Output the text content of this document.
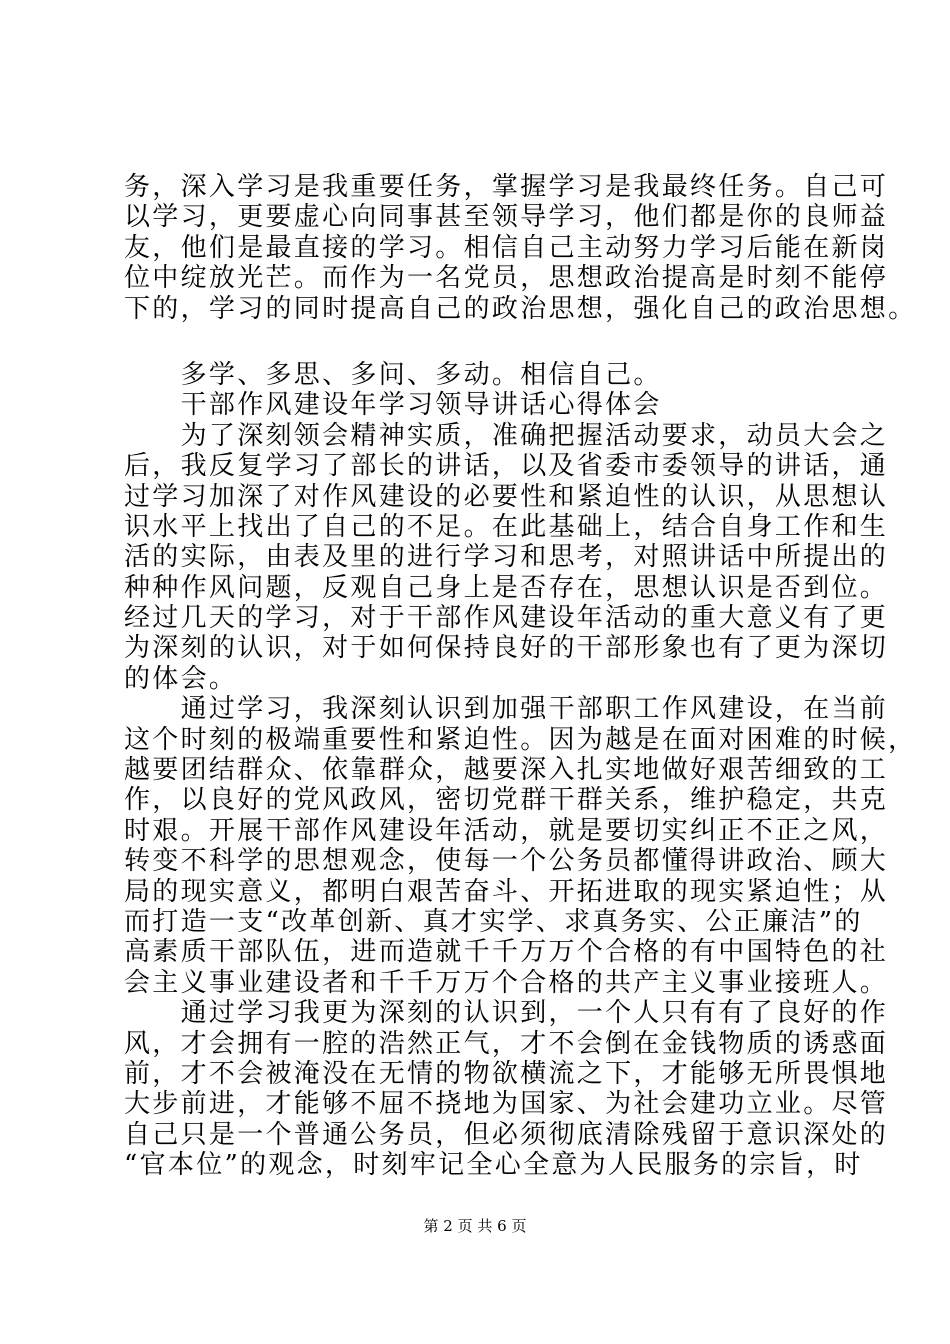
务，深入学习是我重要任务，掌握学习是我最终任务。自己可
以学习，更要虚心向同事甚至领导学习，他们都是你的良师益
友，他们是最直接的学习。相信自己主动努力学习后能在新岗
位中绽放光芒。而作为一名党员，思想政治提高是时刻不能停
下的，学习的同时提高自己的政治思想，强化自己的政治思想。
　　多学、多思、多问、多动。相信自己。
　　干部作风建设年学习领导讲话心得体会
　　为了深刻领会精神实质，准确把握活动要求，动员大会之
后，我反复学习了部长的讲话，以及省委市委领导的讲话，通
过学习加深了对作风建设的必要性和紧迫性的认识，从思想认
识水平上找出了自己的不足。在此基础上，结合自身工作和生
活的实际，由表及里的进行学习和思考，对照讲话中所提出的
种种作风问题，反观自己身上是否存在，思想认识是否到位。
经过几天的学习，对于干部作风建设年活动的重大意义有了更
为深刻的认识，对于如何保持良好的干部形象也有了更为深切
的体会。
　　通过学习，我深刻认识到加强干部职工作风建设，在当前
这个时刻的极端重要性和紧迫性。因为越是在面对困难的时候，
越要团结群众、依靠群众，越要深入扎实地做好艰苦细致的工
作，以良好的党风政风，密切党群干群关系，维护稳定，共克
时艰。开展干部作风建设年活动，就是要切实纠正不正之风，
转变不科学的思想观念，使每一个公务员都懂得讲政治、顾大
局的现实意义，都明白艰苦奋斗、开拓进取的现实紧迫性；从
而打造一支“改革创新、真才实学、求真务实、公正廉洁”的
高素质干部队伍，进而造就千千万万个合格的有中国特色的社
会主义事业建设者和千千万万个合格的共产主义事业接班人。
　　通过学习我更为深刻的认识到，一个人只有有了良好的作
风，才会拥有一腔的浩然正气，才不会倒在金钱物质的诱惑面
前，才不会被淹没在无情的物欲横流之下，才能够无所畏惧地
大步前进，才能够不屈不挠地为国家、为社会建功立业。尽管
自己只是一个普通公务员，但必须彻底清除残留于意识深处的
“官本位”的观念，时刻牢记全心全意为人民服务的宗旨，时
第 2 页 共 6 页
